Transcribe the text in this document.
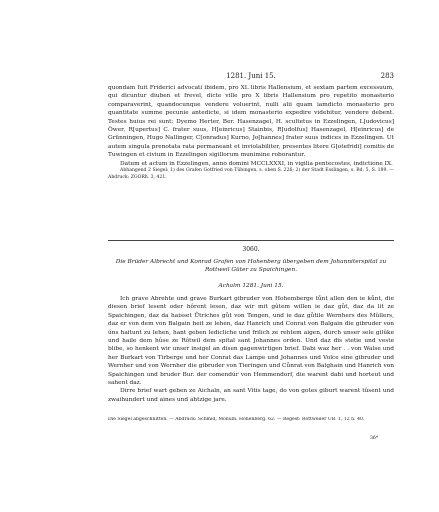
1281. Juni 15.	283

quondam fuit Friderici advocati ibidem, pro XL libris Hallensium, et sextam partem excessuum, qui dicuntur diuben et frevel, dicte ville pro X libris Hallensium pro repetito monasterio comparaverint, quandocunque vendere voluerint, nulli alii quam iamdicto monasterio pro quantitate summe pecunie antedicte, si idem monasterio expedire videbitur, vendere debent. Testes huius rei sunt: Dyemo Herter, Ber. Hasenzagel, H. scultetus in Ezzelingen, L[udovicus] Öwer, R[upertus] C. frater suus, H[einricus] Stainbis, R[udolfus] Hasenzagel, H[einricus] de Grünningen, Hugo Nallinger, C[onradus] Kurno, Jo[hannes] frater suus indices in Ezzelingen. Ut autem singula prenotata rata permaneant et inviolabiliter, presentes litere G[otefridi] comitis de Tuwingen et civium in Ezzelingen sigillorum munimine roborantur.

Datum et actum in Ezzelingen, anno domini MCCLXXXI, in vigilia pentecostes, indictione IX.

Abhangend 2 Siegel: 1) des Grafen Gotfried von Tübingen, s. oben S. 226; 2) der Stadt Esslingen, s. Bd. 5, S. 189. — Abdruck: ZGORh. 3, 421.

3060.
Die Brüder Albrecht und Konrad Grafen von Hohenberg übergeben dem Johanniterspital zu Rottweil Güter zu Spaichingen.
Achalm 1281. Juni 15.

Ich grave Abrehte und grave Burkart gibruder von Hohemberge tůnt allen den ie kůnt, die diesen brief lesent oder hôrent lesen, daz wir mit gûtem willen ie daz gůt, daz da lit ze Spaichingen, daz da haisset Ůtriches gůt von Tengen, und ie daz gůtile Wernhers des Mûllers, daz er von dem von Balgain heit ze lehen, daz Hanrich und Conrat von Balgain die gibruder von úns haitunt zu lehen, hant geben ledicliche und frilich ze rehtem aigen, durch unser sele gilûke und haile dem hûse ze Rôtwil dem spital sant Johannes orden. Und daz dis stetie und veste blibe, so henkent wir unser insigel an disen gagenwirtigen brief. Dabi waz her . . von Walse und her Burkart von Tirberge und her Conrat das Lampe und Johannes und Volce sine gibruder und Wernher und von Wernher die gibruder von Tieringen und Cůnrat von Balghain und Hanrich von Spaichingen und bruder Bur. der comendúr von Hemmendorf, die warent dabi und horteut und sahent daz.

Dirre brief wart geben ze Aichaln, an sant Vitis tage, do von gotes giburt warent tûsent und zwaihundert und aines und ahtzige jare.

Die Siegel abgeschnitten. — Abdruck: Schmid, Monum. Hohenberg. 62. — Regest: Rottweiler UB. 1, 12 n. 40.
36*
